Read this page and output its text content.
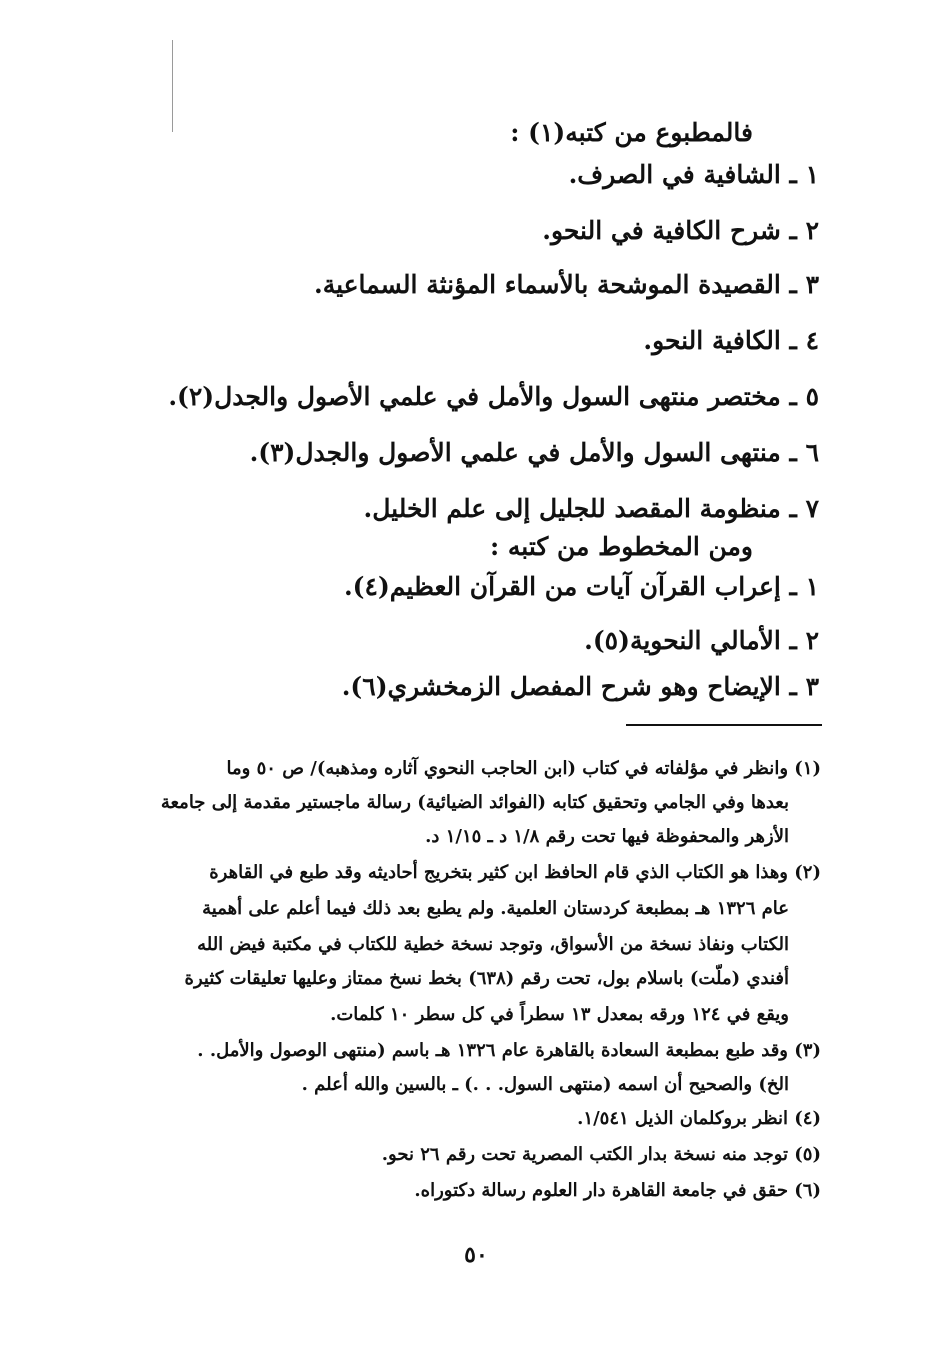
فالمطبوع من كتبه(١) :
١ ـ الشافية في الصرف.
٢ ـ شرح الكافية في النحو.
٣ ـ القصيدة الموشحة بالأسماء المؤنثة السماعية.
٤ ـ الكافية النحو.
٥ ـ مختصر منتهى السول والأمل في علمي الأصول والجدل(٢).
٦ ـ منتهى السول والأمل في علمي الأصول والجدل(٣).
٧ ـ منظومة المقصد للجليل إلى علم الخليل.
ومن المخطوط من كتبه :
١ ـ إعراب القرآن آيات من القرآن العظيم(٤).
٢ ـ الأمالي النحوية(٥).
٣ ـ الإيضاح وهو شرح المفصل الزمخشري(٦).
(١) وانظر في مؤلفاته في كتاب (ابن الحاجب النحوي آثاره ومذهبه)/ ص ٥٠ وما
بعدها وفي الجامي وتحقيق كتابه (الفوائد الضيائية) رسالة ماجستير مقدمة إلى جامعة
الأزهر والمحفوظة فيها تحت رقم ١/٨ د ـ ١/١٥ د.
(٢) وهذا هو الكتاب الذي قام الحافظ ابن كثير بتخريج أحاديثه وقد طبع في القاهرة
عام ١٣٢٦ هـ بمطبعة كردستان العلمية. ولم يطبع بعد ذلك فيما أعلم على أهمية
الكتاب ونفاذ نسخة من الأسواق، وتوجد نسخة خطية للكتاب في مكتبة فيض الله
أفندي (ملّت) باسلام بول، تحت رقم (٦٣٨) بخط نسخ ممتاز وعليها تعليقات كثيرة
ويقع في ١٢٤ ورقه بمعدل ١٣ سطراً في كل سطر ١٠ كلمات.
(٣) وقد طبع بمطبعة السعادة بالقاهرة عام ١٣٢٦ هـ باسم (منتهى الوصول والأمل. .
الخ) والصحيح أن اسمه (منتهى السول. . .) ـ بالسين والله أعلم .
(٤) انظر بروكلمان الذيل ١/٥٤١.
(٥) توجد منه نسخة بدار الكتب المصرية تحت رقم ٢٦ نحو.
(٦) حقق في جامعة القاهرة دار العلوم رسالة دكتوراه.
٥٠
